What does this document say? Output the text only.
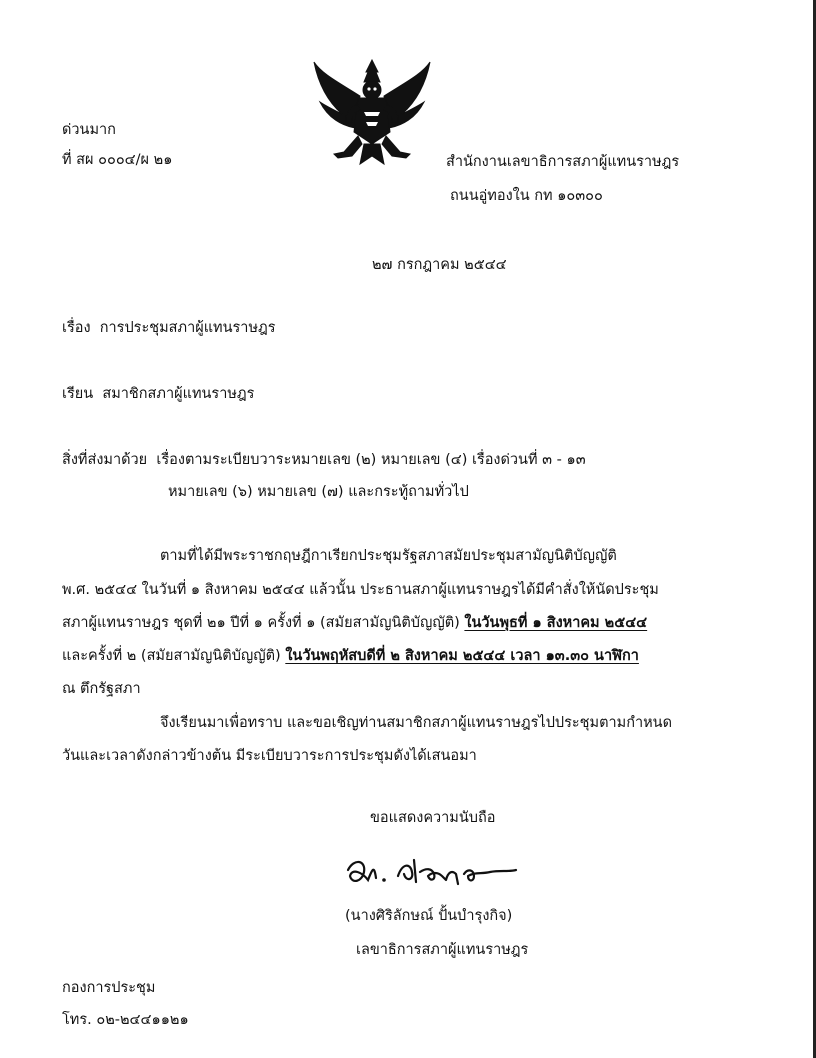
ด่วนมาก
ที่ สผ ๐๐๐๔/ผ ๒๑	สำนักงานเลขาธิการสภาผู้แทนราษฎร
ถนนอู่ทองใน กท ๑๐๓๐๐
๒๗ กรกฎาคม ๒๕๔๔
เรื่อง การประชุมสภาผู้แทนราษฎร
เรียน สมาชิกสภาผู้แทนราษฎร
สิ่งที่ส่งมาด้วย เรื่องตามระเบียบวาระหมายเลข (๒) หมายเลข (๔) เรื่องด่วนที่ ๓ - ๑๓
หมายเลข (๖) หมายเลข (๗) และกระทู้ถามทั่วไป
ตามที่ได้มีพระราชกฤษฎีกาเรียกประชุมรัฐสภาสมัยประชุมสามัญนิติบัญญัติ
พ.ศ. ๒๕๔๔ ในวันที่ ๑ สิงหาคม ๒๕๔๔ แล้วนั้น ประธานสภาผู้แทนราษฎรได้มีคำสั่งให้นัดประชุม
สภาผู้แทนราษฎร ชุดที่ ๒๑ ปีที่ ๑ ครั้งที่ ๑ (สมัยสามัญนิติบัญญัติ) ในวันพุธที่ ๑ สิงหาคม ๒๕๔๔
และครั้งที่ ๒ (สมัยสามัญนิติบัญญัติ) ในวันพฤหัสบดีที่ ๒ สิงหาคม ๒๕๔๔ เวลา ๑๓.๓๐ นาฬิกา
ณ ตึกรัฐสภา
จึงเรียนมาเพื่อทราบ และขอเชิญท่านสมาชิกสภาผู้แทนราษฎรไปประชุมตามกำหนด
วันและเวลาดังกล่าวข้างต้น มีระเบียบวาระการประชุมดังได้เสนอมา
ขอแสดงความนับถือ
(นางศิริลักษณ์ ปั้นบำรุงกิจ)
เลขาธิการสภาผู้แทนราษฎร
กองการประชุม
โทร. ๐๒-๒๔๔๑๑๒๑
